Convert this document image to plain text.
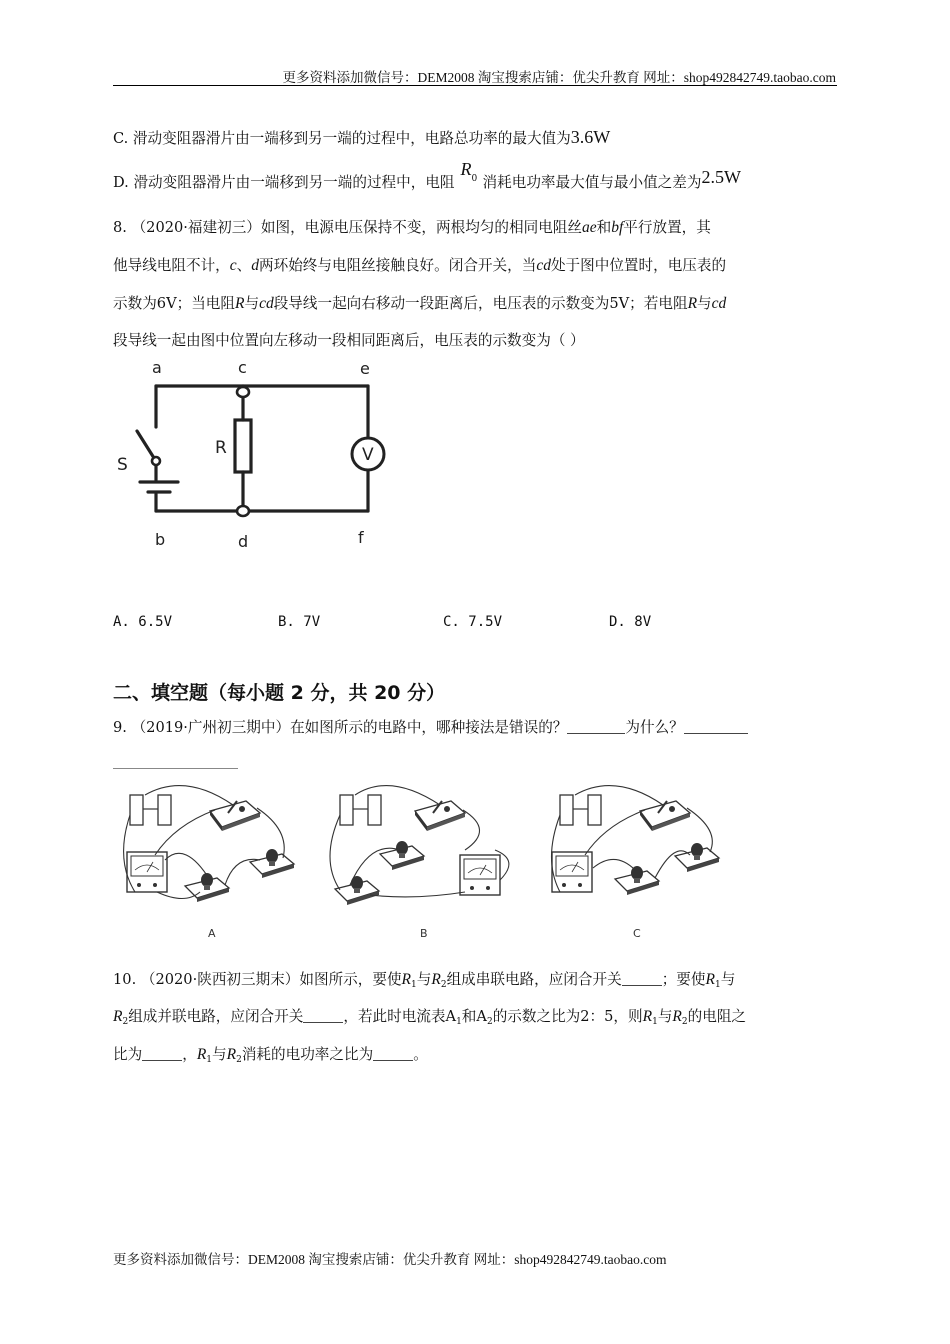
更多资料添加微信号：DEM2008 淘宝搜索店铺：优尖升教育 网址：shop492842749.taobao.com
C. 滑动变阻器滑片由一端移到另一端的过程中，电路总功率的最大值为3.6W
D. 滑动变阻器滑片由一端移到另一端的过程中，电阻
R 0 消耗电功率最大值与最小值之差为2.5W
8. （2020·福建初三）如图，电源电压保持不变，两根均匀的相同电阻丝ae和bf平行放置，其
他导线电阻不计，c、d两环始终与电阻丝接触良好。闭合开关，当cd处于图中位置时，电压表的
示数为6V；当电阻R与cd段导线一起向右移动一段距离后，电压表的示数变为5V；若电阻R与cd
段导线一起由图中位置向左移动一段相同距离后，电压表的示数变为（ ）
V
a	c	e
b	d	f
S
R
A. 6.5V	B. 7V	C. 7.5V	D. 8V
二、填空题（每小题 2 分，共 20 分）
9. （2019·广州初三期中）在如图所示的电路中，哪种接法是错误的？	为什么？
A	B	C
10. （2020·陕西初三期末）如图所示，要使$R_1$与$R_2$组成串联电路，应闭合开关	；要使$R_1$与
$R_2$组成并联电路，应闭合开关	，若此时电流表$A_1$和$A_2$的示数之比为2：5，则$R_1$与$R_2$的电阻之
比为	，$R_1$与$R_2$消耗的电功率之比为	。
更多资料添加微信号：DEM2008 淘宝搜索店铺：优尖升教育 网址：shop492842749.taobao.com
